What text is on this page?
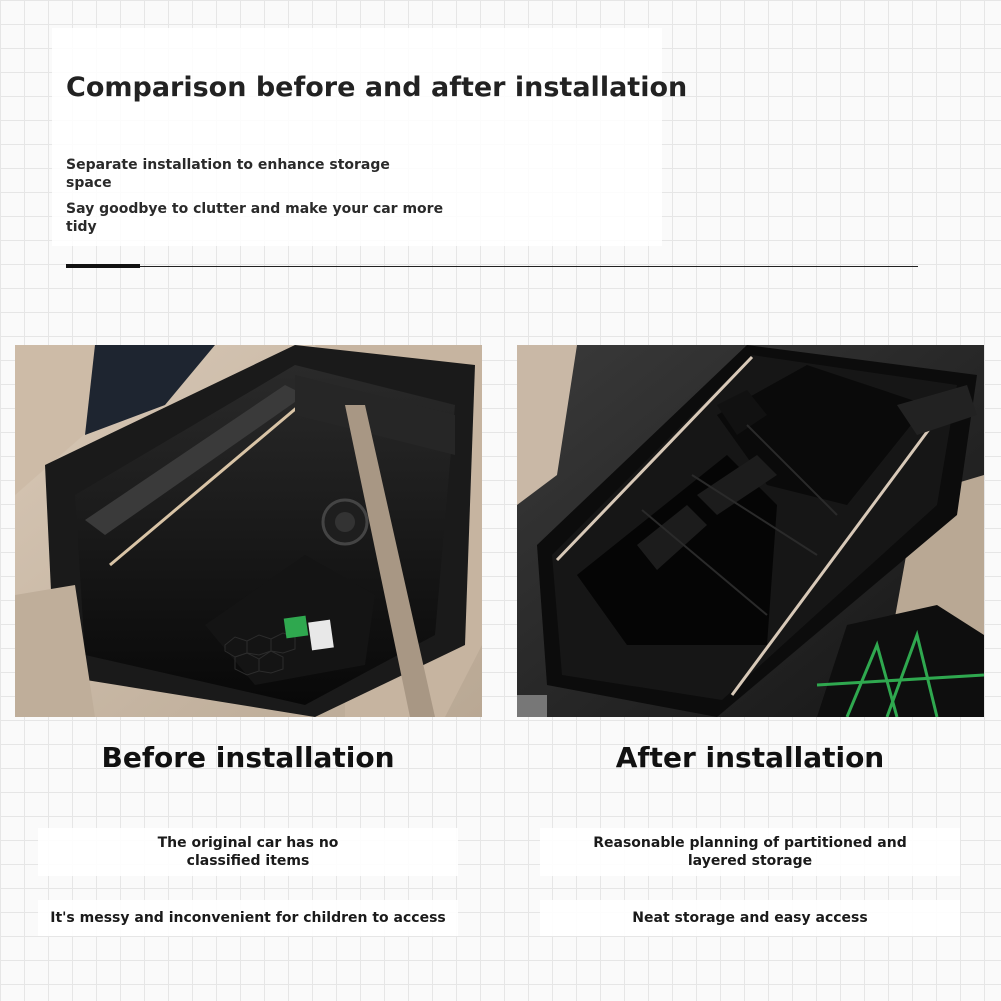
Comparison before and after installation

Separate installation to enhance storage space

Say goodbye to clutter and make your car more tidy

Before installation
The original car has no classified items
It's messy and inconvenient for children to access
After installation
Reasonable planning of partitioned and layered storage
Neat storage and easy access
